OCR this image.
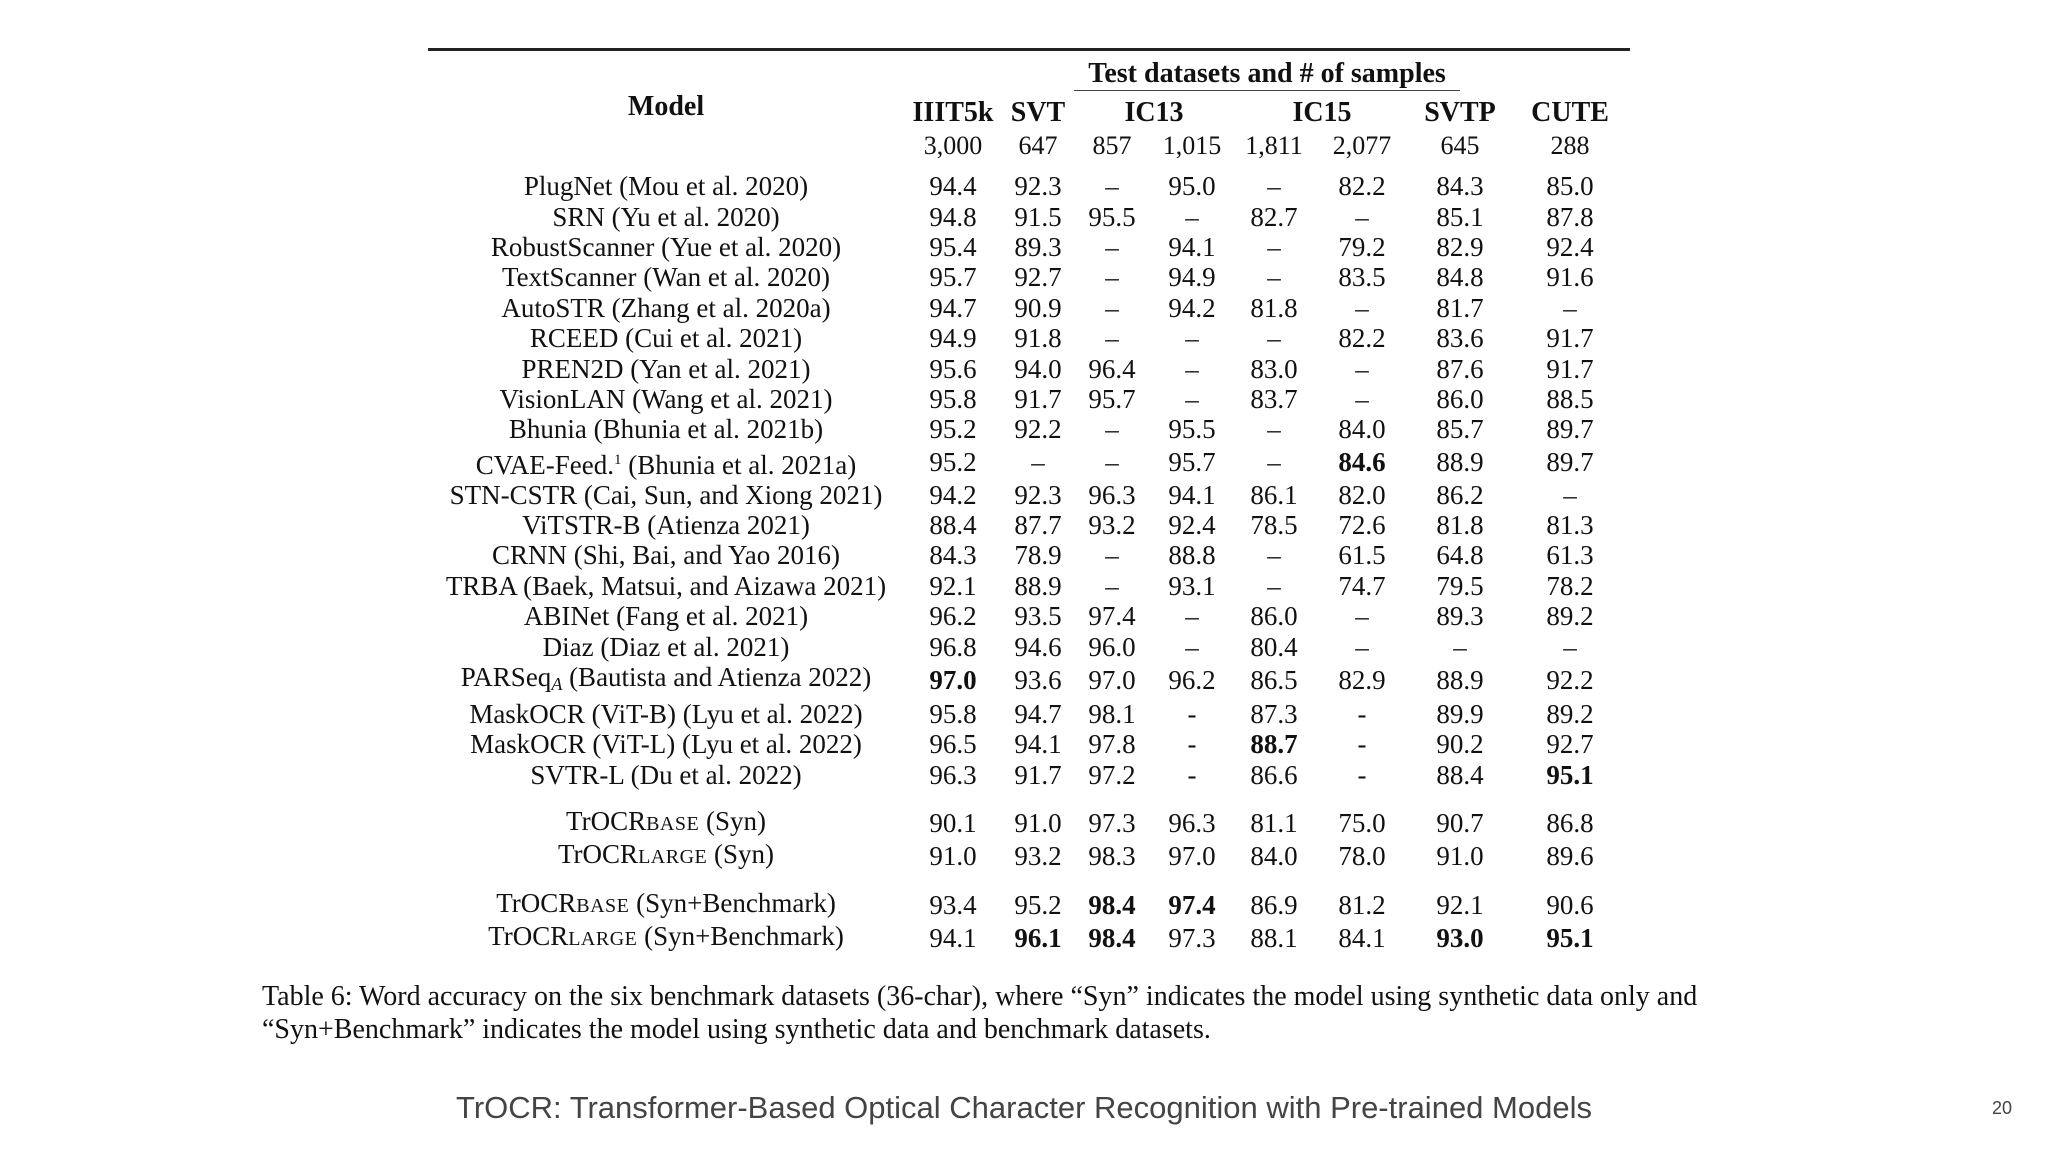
Model	Test datasets and # of samples							
	IIIT5k	SVT	IC13		IC15		SVTP	CUTE
	3,000	647	857	1,015	1,811	2,077	645	288
PlugNet (Mou et al. 2020)	94.4	92.3	–	95.0	–	82.2	84.3	85.0
SRN (Yu et al. 2020)	94.8	91.5	95.5	–	82.7	–	85.1	87.8
RobustScanner (Yue et al. 2020)	95.4	89.3	–	94.1	–	79.2	82.9	92.4
TextScanner (Wan et al. 2020)	95.7	92.7	–	94.9	–	83.5	84.8	91.6
AutoSTR (Zhang et al. 2020a)	94.7	90.9	–	94.2	81.8	–	81.7	–
RCEED (Cui et al. 2021)	94.9	91.8	–	–	–	82.2	83.6	91.7
PREN2D (Yan et al. 2021)	95.6	94.0	96.4	–	83.0	–	87.6	91.7
VisionLAN (Wang et al. 2021)	95.8	91.7	95.7	–	83.7	–	86.0	88.5
Bhunia (Bhunia et al. 2021b)	95.2	92.2	–	95.5	–	84.0	85.7	89.7
CVAE-Feed.$^1$ (Bhunia et al. 2021a)	95.2	–	–	95.7	–	84.6	88.9	89.7
STN-CSTR (Cai, Sun, and Xiong 2021)	94.2	92.3	96.3	94.1	86.1	82.0	86.2	–
ViTSTR-B (Atienza 2021)	88.4	87.7	93.2	92.4	78.5	72.6	81.8	81.3
CRNN (Shi, Bai, and Yao 2016)	84.3	78.9	–	88.8	–	61.5	64.8	61.3
TRBA (Baek, Matsui, and Aizawa 2021)	92.1	88.9	–	93.1	–	74.7	79.5	78.2
ABINet (Fang et al. 2021)	96.2	93.5	97.4	–	86.0	–	89.3	89.2
Diaz (Diaz et al. 2021)	96.8	94.6	96.0	–	80.4	–	–	–
PARSeq$_A$ (Bautista and Atienza 2022)	97.0	93.6	97.0	96.2	86.5	82.9	88.9	92.2
MaskOCR (ViT-B) (Lyu et al. 2022)	95.8	94.7	98.1	-	87.3	-	89.9	89.2
MaskOCR (ViT-L) (Lyu et al. 2022)	96.5	94.1	97.8	-	88.7	-	90.2	92.7
SVTR-L (Du et al. 2022)	96.3	91.7	97.2	-	86.6	-	88.4	95.1
TrOCRBASE (Syn)	90.1	91.0	97.3	96.3	81.1	75.0	90.7	86.8
TrOCRLARGE (Syn)	91.0	93.2	98.3	97.0	84.0	78.0	91.0	89.6
TrOCRBASE (Syn+Benchmark)	93.4	95.2	98.4	97.4	86.9	81.2	92.1	90.6
TrOCRLARGE (Syn+Benchmark)	94.1	96.1	98.4	97.3	88.1	84.1	93.0	95.1
Table 6: Word accuracy on the six benchmark datasets (36-char), where “Syn” indicates the model using synthetic data only and “Syn+Benchmark” indicates the model using synthetic data and benchmark datasets.
TrOCR: Transformer-Based Optical Character Recognition with Pre-trained Models	20
